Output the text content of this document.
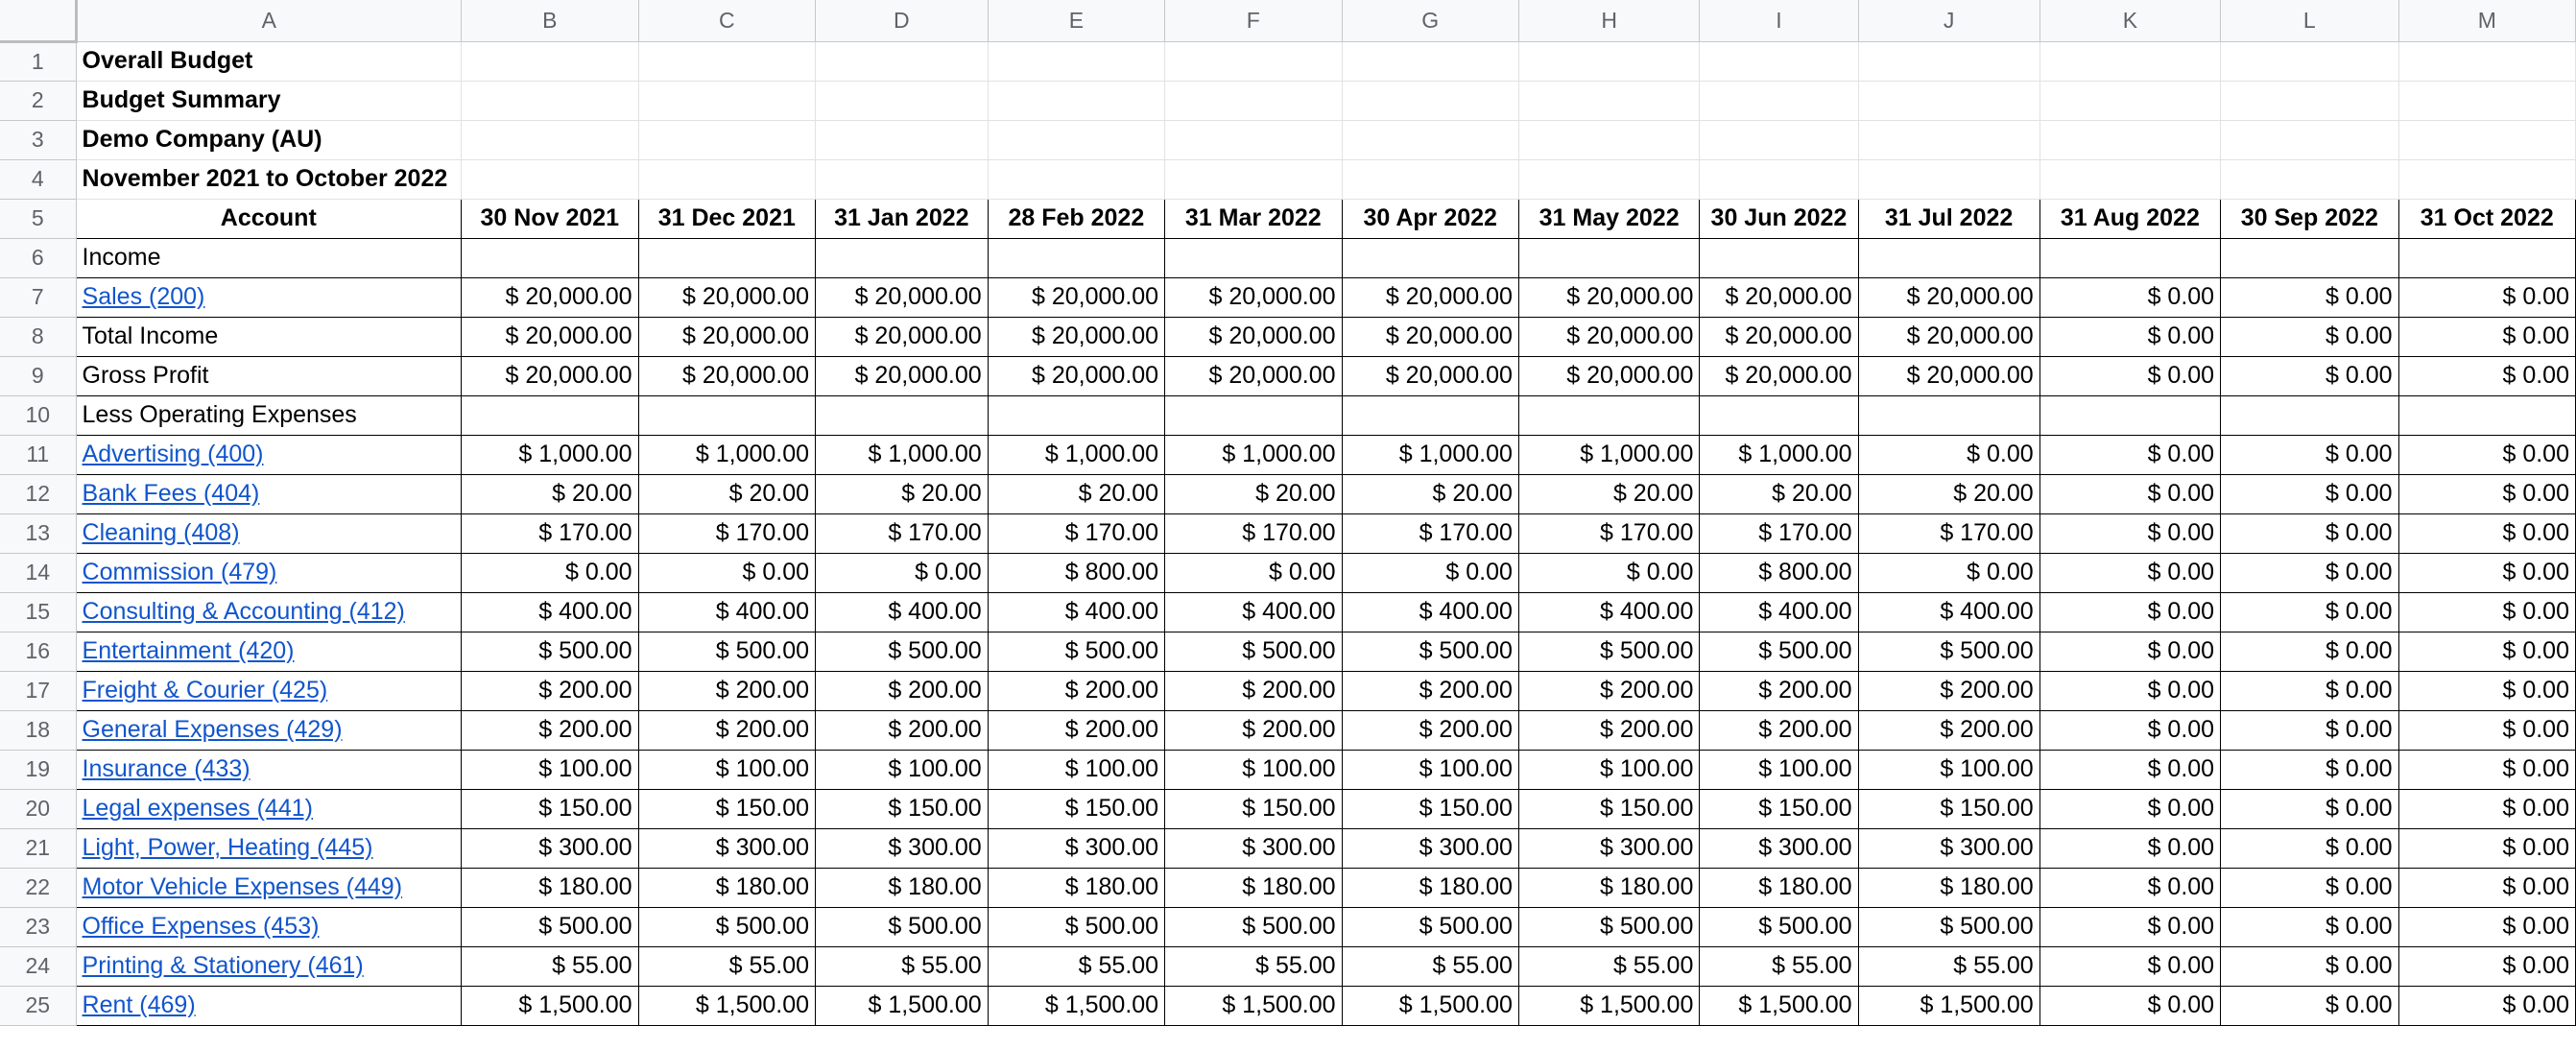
	A	B	C	D	E	F	G	H	I	J	K	L	M
1	Overall Budget												
2	Budget Summary												
3	Demo Company (AU)												
4	November 2021 to October 2022												
5	Account	30 Nov 2021	31 Dec 2021	31 Jan 2022	28 Feb 2022	31 Mar 2022	30 Apr 2022	31 May 2022	30 Jun 2022	31 Jul 2022	31 Aug 2022	30 Sep 2022	31 Oct 2022
6	Income												
7	Sales (200)	$ 20,000.00	$ 20,000.00	$ 20,000.00	$ 20,000.00	$ 20,000.00	$ 20,000.00	$ 20,000.00	$ 20,000.00	$ 20,000.00	$ 0.00	$ 0.00	$ 0.00
8	Total Income	$ 20,000.00	$ 20,000.00	$ 20,000.00	$ 20,000.00	$ 20,000.00	$ 20,000.00	$ 20,000.00	$ 20,000.00	$ 20,000.00	$ 0.00	$ 0.00	$ 0.00
9	Gross Profit	$ 20,000.00	$ 20,000.00	$ 20,000.00	$ 20,000.00	$ 20,000.00	$ 20,000.00	$ 20,000.00	$ 20,000.00	$ 20,000.00	$ 0.00	$ 0.00	$ 0.00
10	Less Operating Expenses												
11	Advertising (400)	$ 1,000.00	$ 1,000.00	$ 1,000.00	$ 1,000.00	$ 1,000.00	$ 1,000.00	$ 1,000.00	$ 1,000.00	$ 0.00	$ 0.00	$ 0.00	$ 0.00
12	Bank Fees (404)	$ 20.00	$ 20.00	$ 20.00	$ 20.00	$ 20.00	$ 20.00	$ 20.00	$ 20.00	$ 20.00	$ 0.00	$ 0.00	$ 0.00
13	Cleaning (408)	$ 170.00	$ 170.00	$ 170.00	$ 170.00	$ 170.00	$ 170.00	$ 170.00	$ 170.00	$ 170.00	$ 0.00	$ 0.00	$ 0.00
14	Commission (479)	$ 0.00	$ 0.00	$ 0.00	$ 800.00	$ 0.00	$ 0.00	$ 0.00	$ 800.00	$ 0.00	$ 0.00	$ 0.00	$ 0.00
15	Consulting & Accounting (412)	$ 400.00	$ 400.00	$ 400.00	$ 400.00	$ 400.00	$ 400.00	$ 400.00	$ 400.00	$ 400.00	$ 0.00	$ 0.00	$ 0.00
16	Entertainment (420)	$ 500.00	$ 500.00	$ 500.00	$ 500.00	$ 500.00	$ 500.00	$ 500.00	$ 500.00	$ 500.00	$ 0.00	$ 0.00	$ 0.00
17	Freight & Courier (425)	$ 200.00	$ 200.00	$ 200.00	$ 200.00	$ 200.00	$ 200.00	$ 200.00	$ 200.00	$ 200.00	$ 0.00	$ 0.00	$ 0.00
18	General Expenses (429)	$ 200.00	$ 200.00	$ 200.00	$ 200.00	$ 200.00	$ 200.00	$ 200.00	$ 200.00	$ 200.00	$ 0.00	$ 0.00	$ 0.00
19	Insurance (433)	$ 100.00	$ 100.00	$ 100.00	$ 100.00	$ 100.00	$ 100.00	$ 100.00	$ 100.00	$ 100.00	$ 0.00	$ 0.00	$ 0.00
20	Legal expenses (441)	$ 150.00	$ 150.00	$ 150.00	$ 150.00	$ 150.00	$ 150.00	$ 150.00	$ 150.00	$ 150.00	$ 0.00	$ 0.00	$ 0.00
21	Light, Power, Heating (445)	$ 300.00	$ 300.00	$ 300.00	$ 300.00	$ 300.00	$ 300.00	$ 300.00	$ 300.00	$ 300.00	$ 0.00	$ 0.00	$ 0.00
22	Motor Vehicle Expenses (449)	$ 180.00	$ 180.00	$ 180.00	$ 180.00	$ 180.00	$ 180.00	$ 180.00	$ 180.00	$ 180.00	$ 0.00	$ 0.00	$ 0.00
23	Office Expenses (453)	$ 500.00	$ 500.00	$ 500.00	$ 500.00	$ 500.00	$ 500.00	$ 500.00	$ 500.00	$ 500.00	$ 0.00	$ 0.00	$ 0.00
24	Printing & Stationery (461)	$ 55.00	$ 55.00	$ 55.00	$ 55.00	$ 55.00	$ 55.00	$ 55.00	$ 55.00	$ 55.00	$ 0.00	$ 0.00	$ 0.00
25	Rent (469)	$ 1,500.00	$ 1,500.00	$ 1,500.00	$ 1,500.00	$ 1,500.00	$ 1,500.00	$ 1,500.00	$ 1,500.00	$ 1,500.00	$ 0.00	$ 0.00	$ 0.00
